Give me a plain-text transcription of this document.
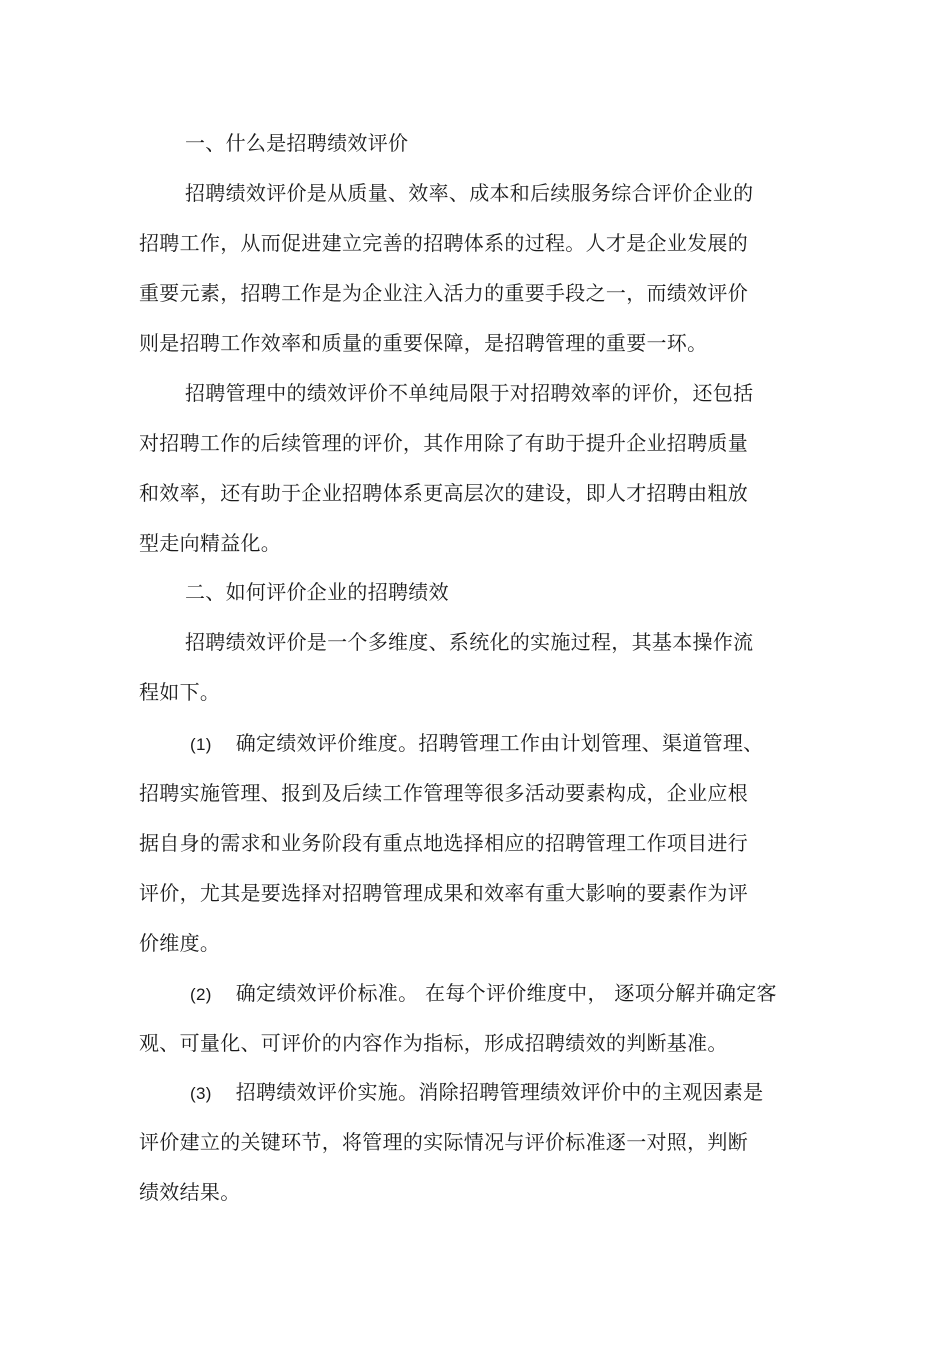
一、什么是招聘绩效评价
招聘绩效评价是从质量、效率、成本和后续服务综合评价企业的
招聘工作，从而促进建立完善的招聘体系的过程。人才是企业发展的
重要元素，招聘工作是为企业注入活力的重要手段之一，而绩效评价
则是招聘工作效率和质量的重要保障，是招聘管理的重要一环。
招聘管理中的绩效评价不单纯局限于对招聘效率的评价，还包括
对招聘工作的后续管理的评价，其作用除了有助于提升企业招聘质量
和效率，还有助于企业招聘体系更高层次的建设，即人才招聘由粗放
型走向精益化。
二、如何评价企业的招聘绩效
招聘绩效评价是一个多维度、系统化的实施过程，其基本操作流
程如下。
(1) 确定绩效评价维度。招聘管理工作由计划管理、渠道管理、
招聘实施管理、报到及后续工作管理等很多活动要素构成，企业应根
据自身的需求和业务阶段有重点地选择相应的招聘管理工作项目进行
评价，尤其是要选择对招聘管理成果和效率有重大影响的要素作为评
价维度。
(2) 确定绩效评价标准。 在每个评价维度中， 逐项分解并确定客
观、可量化、可评价的内容作为指标，形成招聘绩效的判断基准。
(3) 招聘绩效评价实施。消除招聘管理绩效评价中的主观因素是
评价建立的关键环节，将管理的实际情况与评价标准逐一对照，判断
绩效结果。
